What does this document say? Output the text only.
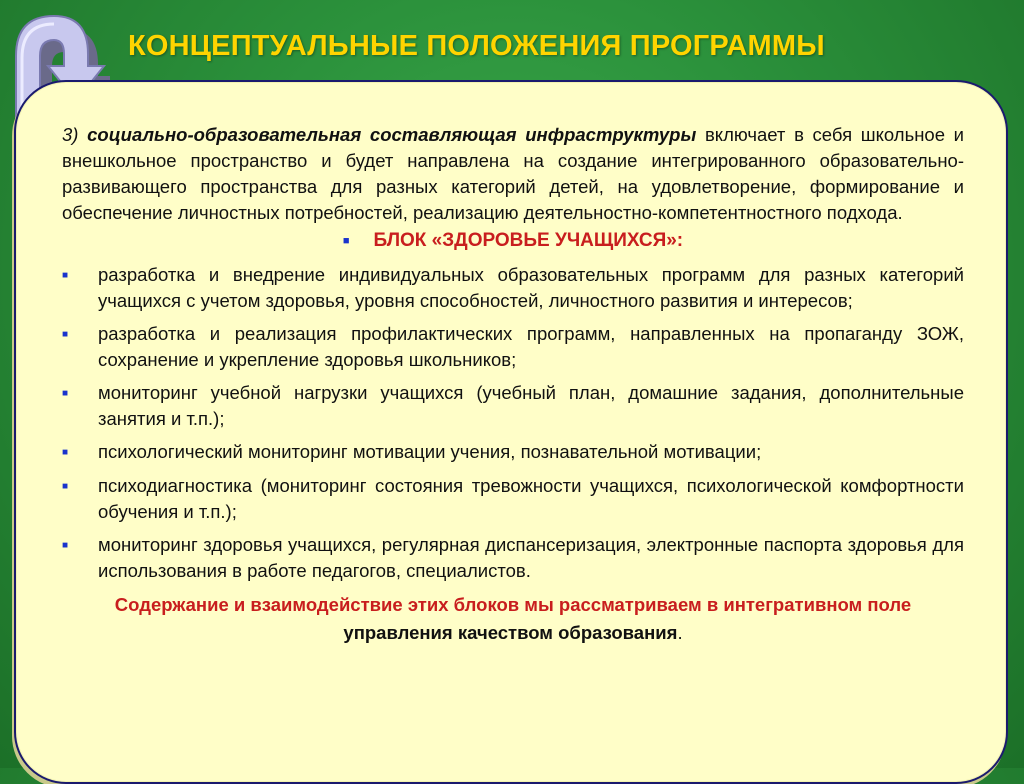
КОНЦЕПТУАЛЬНЫЕ ПОЛОЖЕНИЯ ПРОГРАММЫ

3) социально-образовательная составляющая инфраструктуры включает в себя школьное и внешкольное пространство и будет направлена на создание интегрированного образовательно-развивающего пространства для разных категорий детей, на удовлетворение, формирование и обеспечение личностных потребностей, реализацию деятельностно-компетентностного подхода.

■ БЛОК «ЗДОРОВЬЕ УЧАЩИХСЯ»:
■	разработка и внедрение индивидуальных образовательных программ для разных категорий учащихся с учетом здоровья, уровня способностей, личностного развития и интересов;
■	разработка и реализация профилактических программ, направленных на пропаганду ЗОЖ, сохранение и укрепление здоровья школьников;
■	мониторинг учебной нагрузки учащихся (учебный план, домашние задания, дополнительные занятия и т.п.);
■	психологический мониторинг мотивации учения, познавательной мотивации;
■	психодиагностика (мониторинг состояния тревожности учащихся, психологической комфортности обучения и т.п.);
■	мониторинг здоровья учащихся, регулярная диспансеризация, электронные паспорта здоровья для использования в работе педагогов, специалистов.
Содержание и взаимодействие этих блоков мы рассматриваем в интегративном поле управления качеством образования.
